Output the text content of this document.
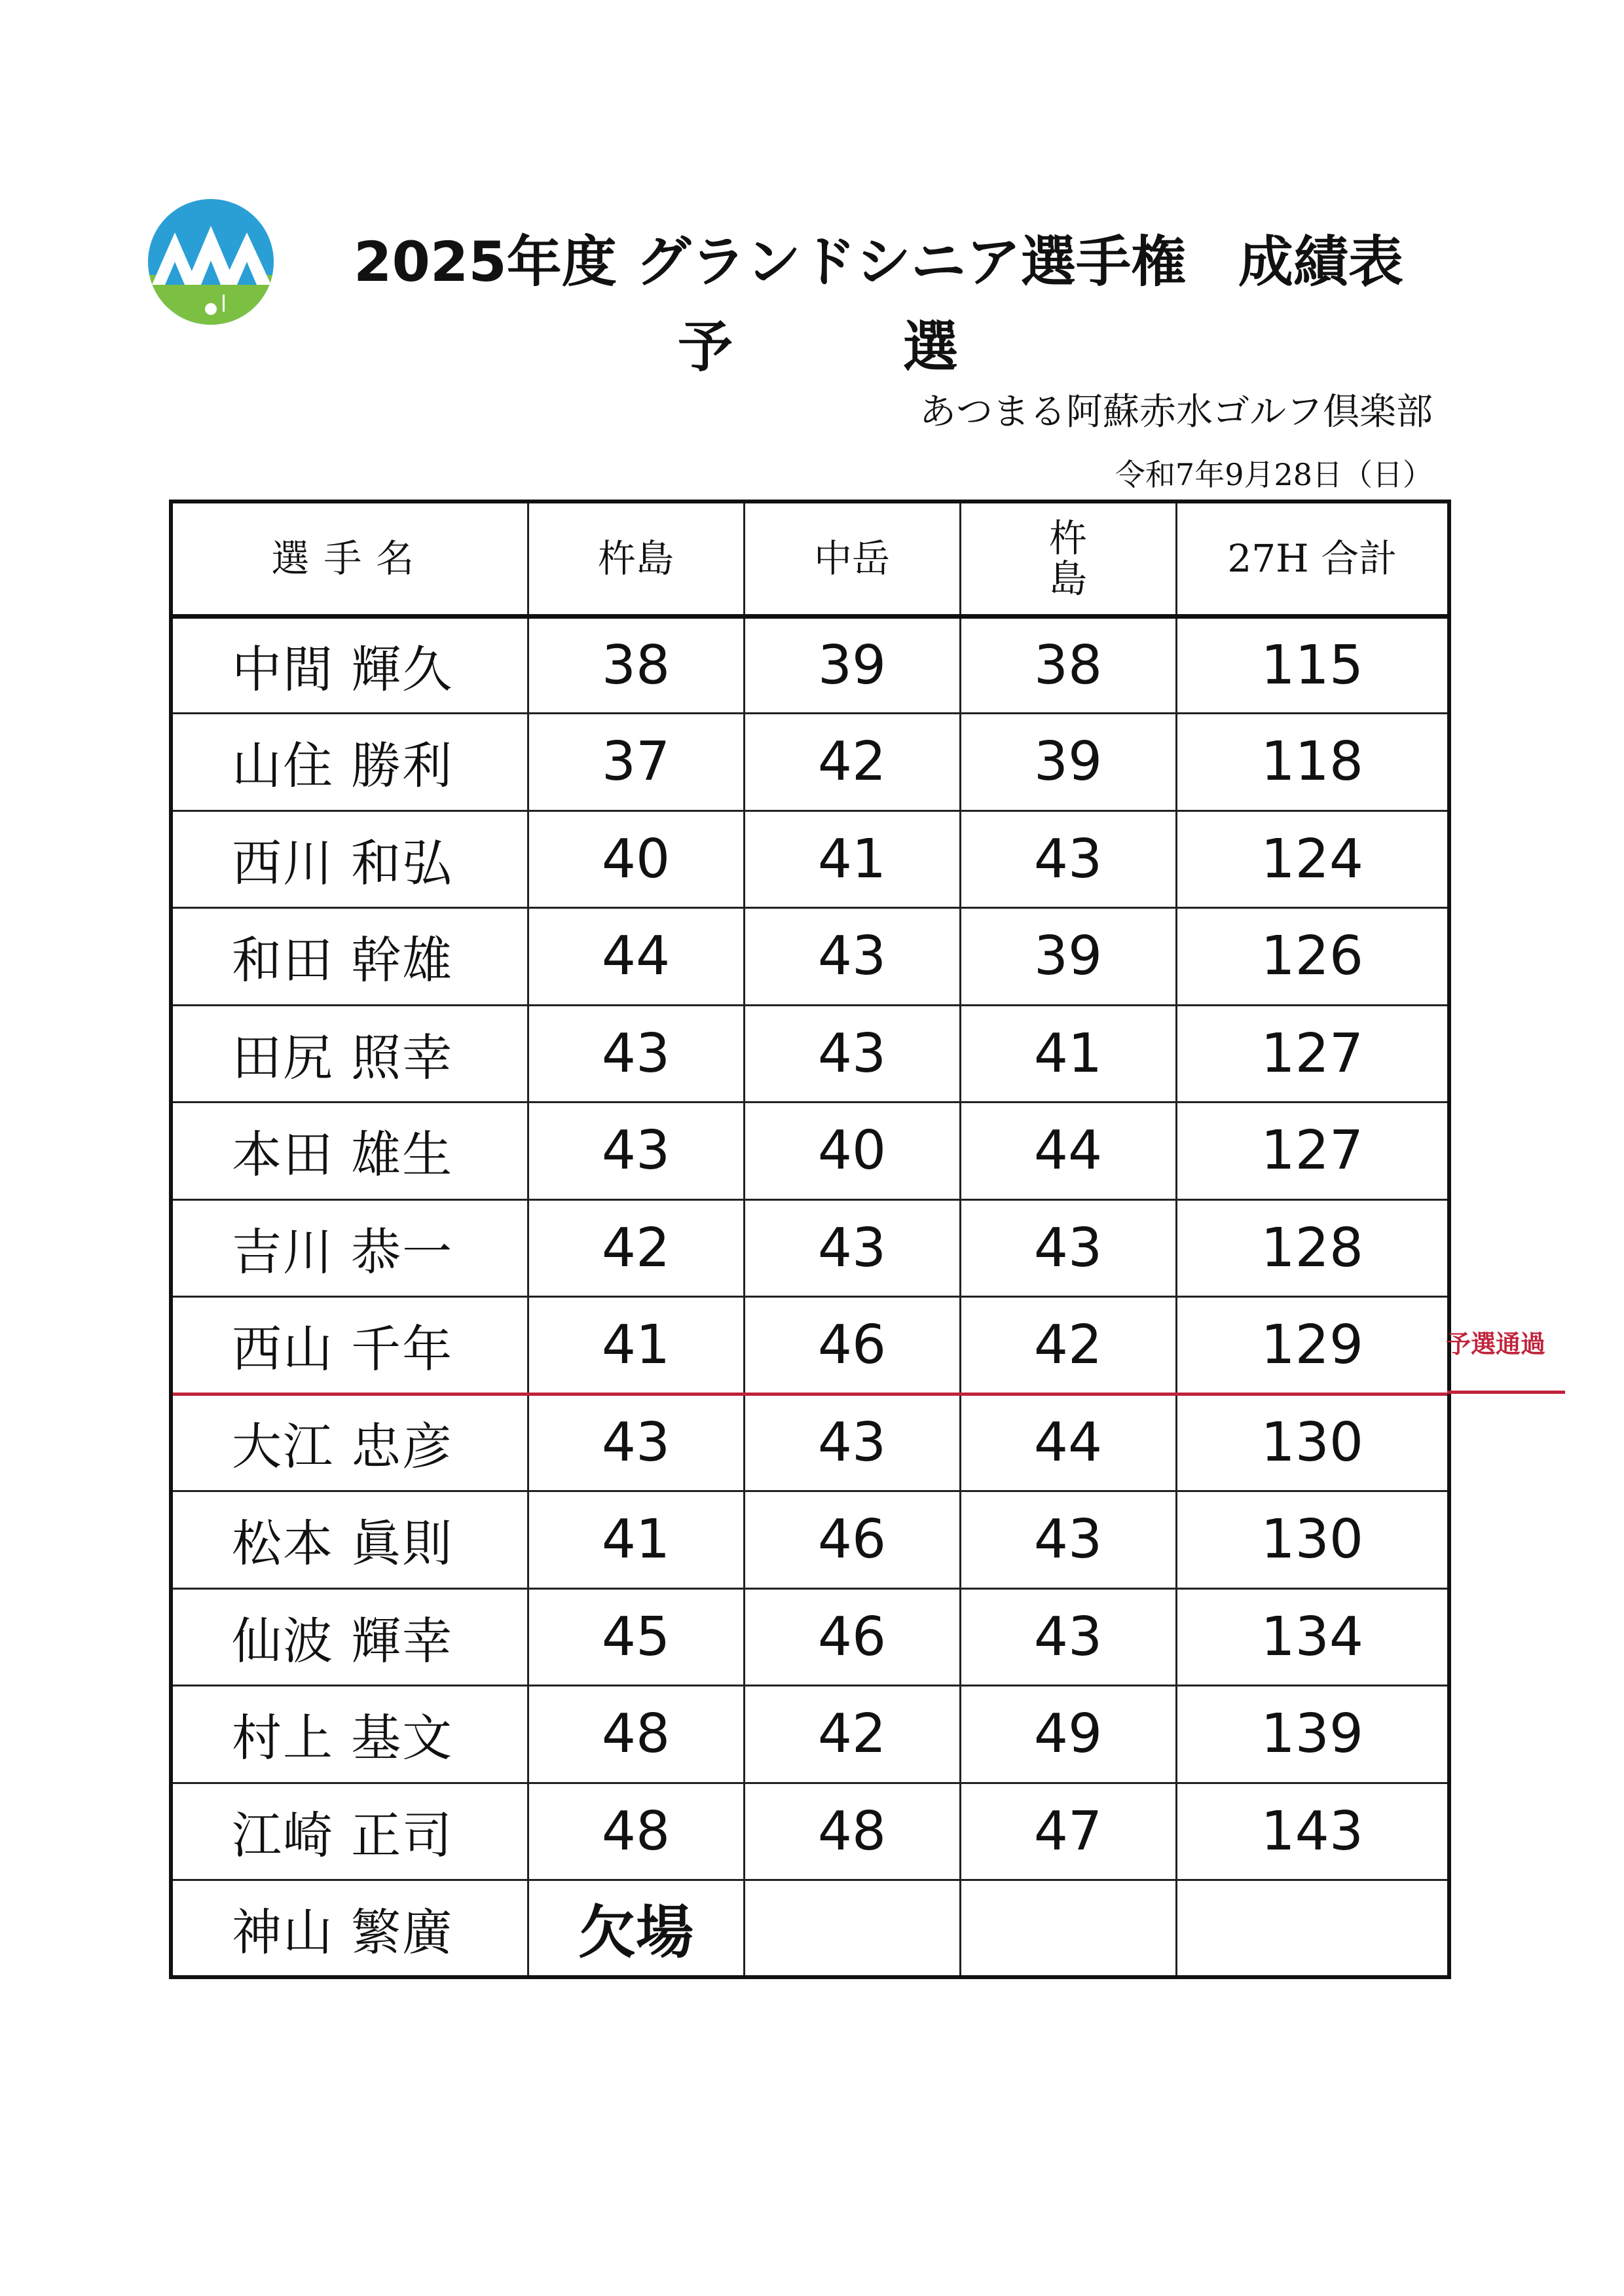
2025年度 グランドシニア選手権 成績表
予選
あつまる阿蘇赤水ゴルフ倶楽部
令和7年9月28日（日）
選手名	杵島	中岳	杵島	27H 合計
中間 輝久	38	39	38	115
山住 勝利	37	42	39	118
西川 和弘	40	41	43	124
和田 幹雄	44	43	39	126
田尻 照幸	43	43	41	127
本田 雄生	43	40	44	127
吉川 恭一	42	43	43	128
西山 千年	41	46	42	129
大江 忠彦	43	43	44	130
松本 眞則	41	46	43	130
仙波 輝幸	45	46	43	134
村上 基文	48	42	49	139
江崎 正司	48	48	47	143
神山 繁廣	欠場			
予選通過
